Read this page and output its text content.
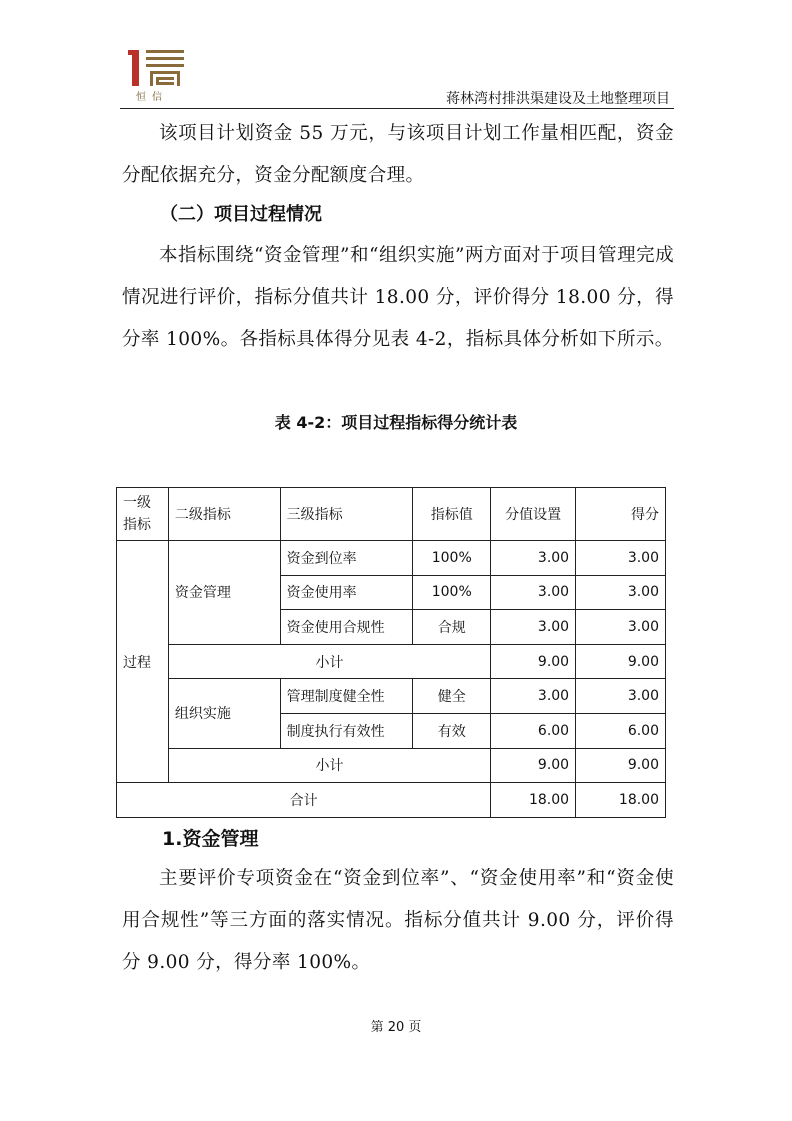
恒信	蒋林湾村排洪渠建设及土地整理项目

该项目计划资金 55 万元，与该项目计划工作量相匹配，资金分配依据充分，资金分配额度合理。

（二）项目过程情况

本指标围绕“资金管理”和“组织实施”两方面对于项目管理完成情况进行评价，指标分值共计 18.00 分，评价得分 18.00 分，得分率 100%。各指标具体得分见表 4-2，指标具体分析如下所示。

表 4-2：项目过程指标得分统计表
一级指标	二级指标	三级指标	指标值	分值设置	得分
过程	资金管理	资金到位率	100%	3.00	3.00
		资金使用率	100%	3.00	3.00
		资金使用合规性	合规	3.00	3.00
	小计			9.00	9.00
	组织实施	管理制度健全性	健全	3.00	3.00
		制度执行有效性	有效	6.00	6.00
	小计			9.00	9.00
合计				18.00	18.00
1.资金管理

主要评价专项资金在“资金到位率”、“资金使用率”和“资金使用合规性”等三方面的落实情况。指标分值共计 9.00 分，评价得分 9.00 分，得分率 100%。

第 20 页
